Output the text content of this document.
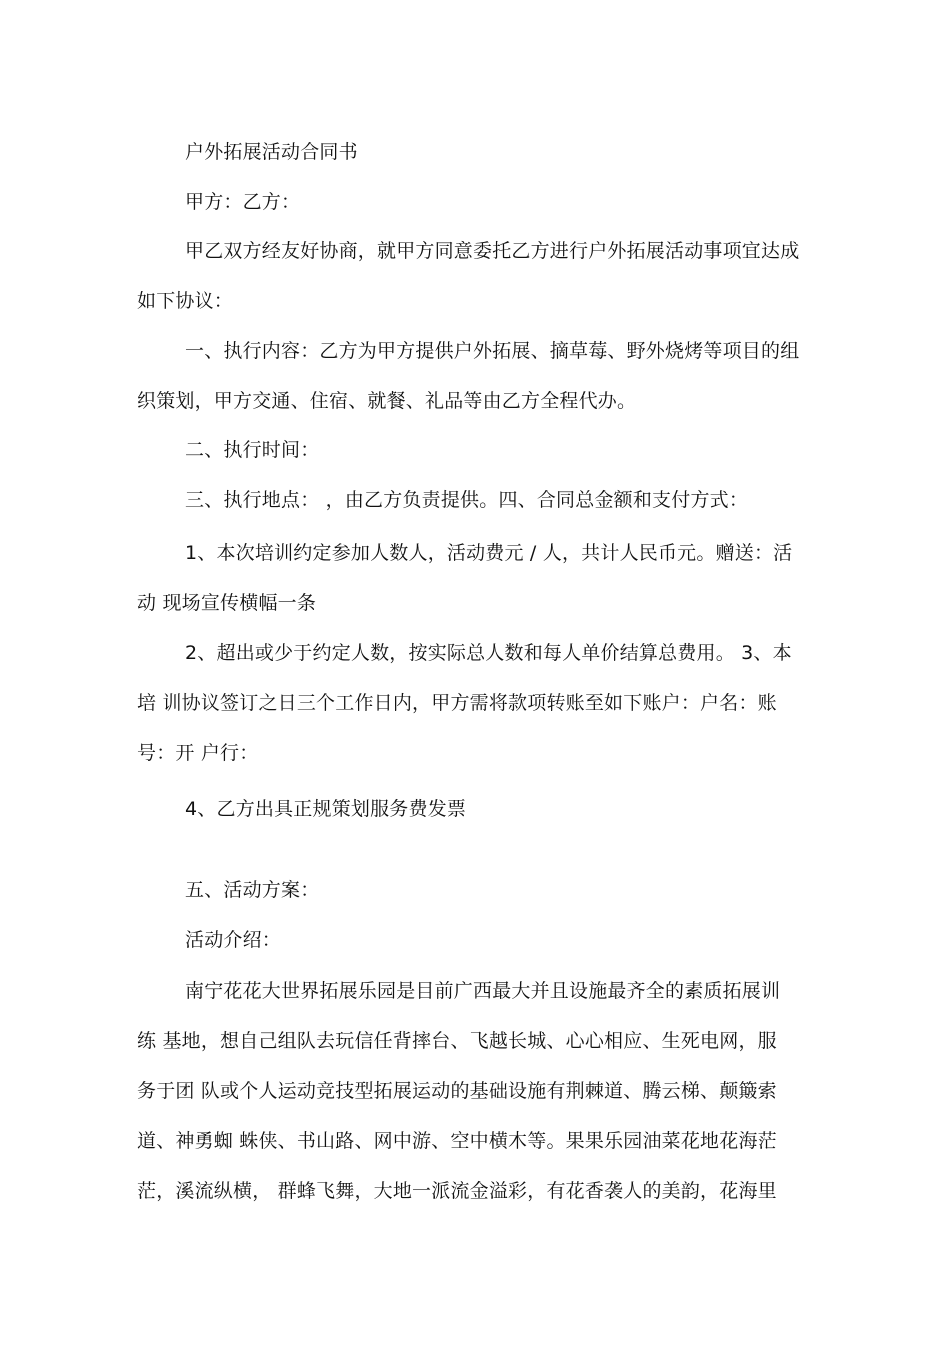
户外拓展活动合同书
甲方：乙方：
甲乙双方经友好协商，就甲方同意委托乙方进行户外拓展活动事项宜达成
如下协议：
一、执行内容：乙方为甲方提供户外拓展、摘草莓、野外烧烤等项目的组
织策划，甲方交通、住宿、就餐、礼品等由乙方全程代办。
二、执行时间：
三、执行地点： ，由乙方负责提供。四、合同总金额和支付方式：
1、本次培训约定参加人数人，活动费元 / 人，共计人民币元。赠送：活
动 现场宣传横幅一条
2、超出或少于约定人数，按实际总人数和每人单价结算总费用。 3、本
培 训协议签订之日三个工作日内，甲方需将款项转账至如下账户：户名：账
号：开 户行：
4、乙方出具正规策划服务费发票
五、活动方案：
活动介绍：
南宁花花大世界拓展乐园是目前广西最大并且设施最齐全的素质拓展训
练 基地，想自己组队去玩信任背摔台、飞越长城、心心相应、生死电网，服
务于团 队或个人运动竞技型拓展运动的基础设施有荆棘道、腾云梯、颠簸索
道、神勇蜘 蛛侠、书山路、网中游、空中横木等。果果乐园油菜花地花海茫
茫，溪流纵横， 群蜂飞舞，大地一派流金溢彩，有花香袭人的美韵，花海里
